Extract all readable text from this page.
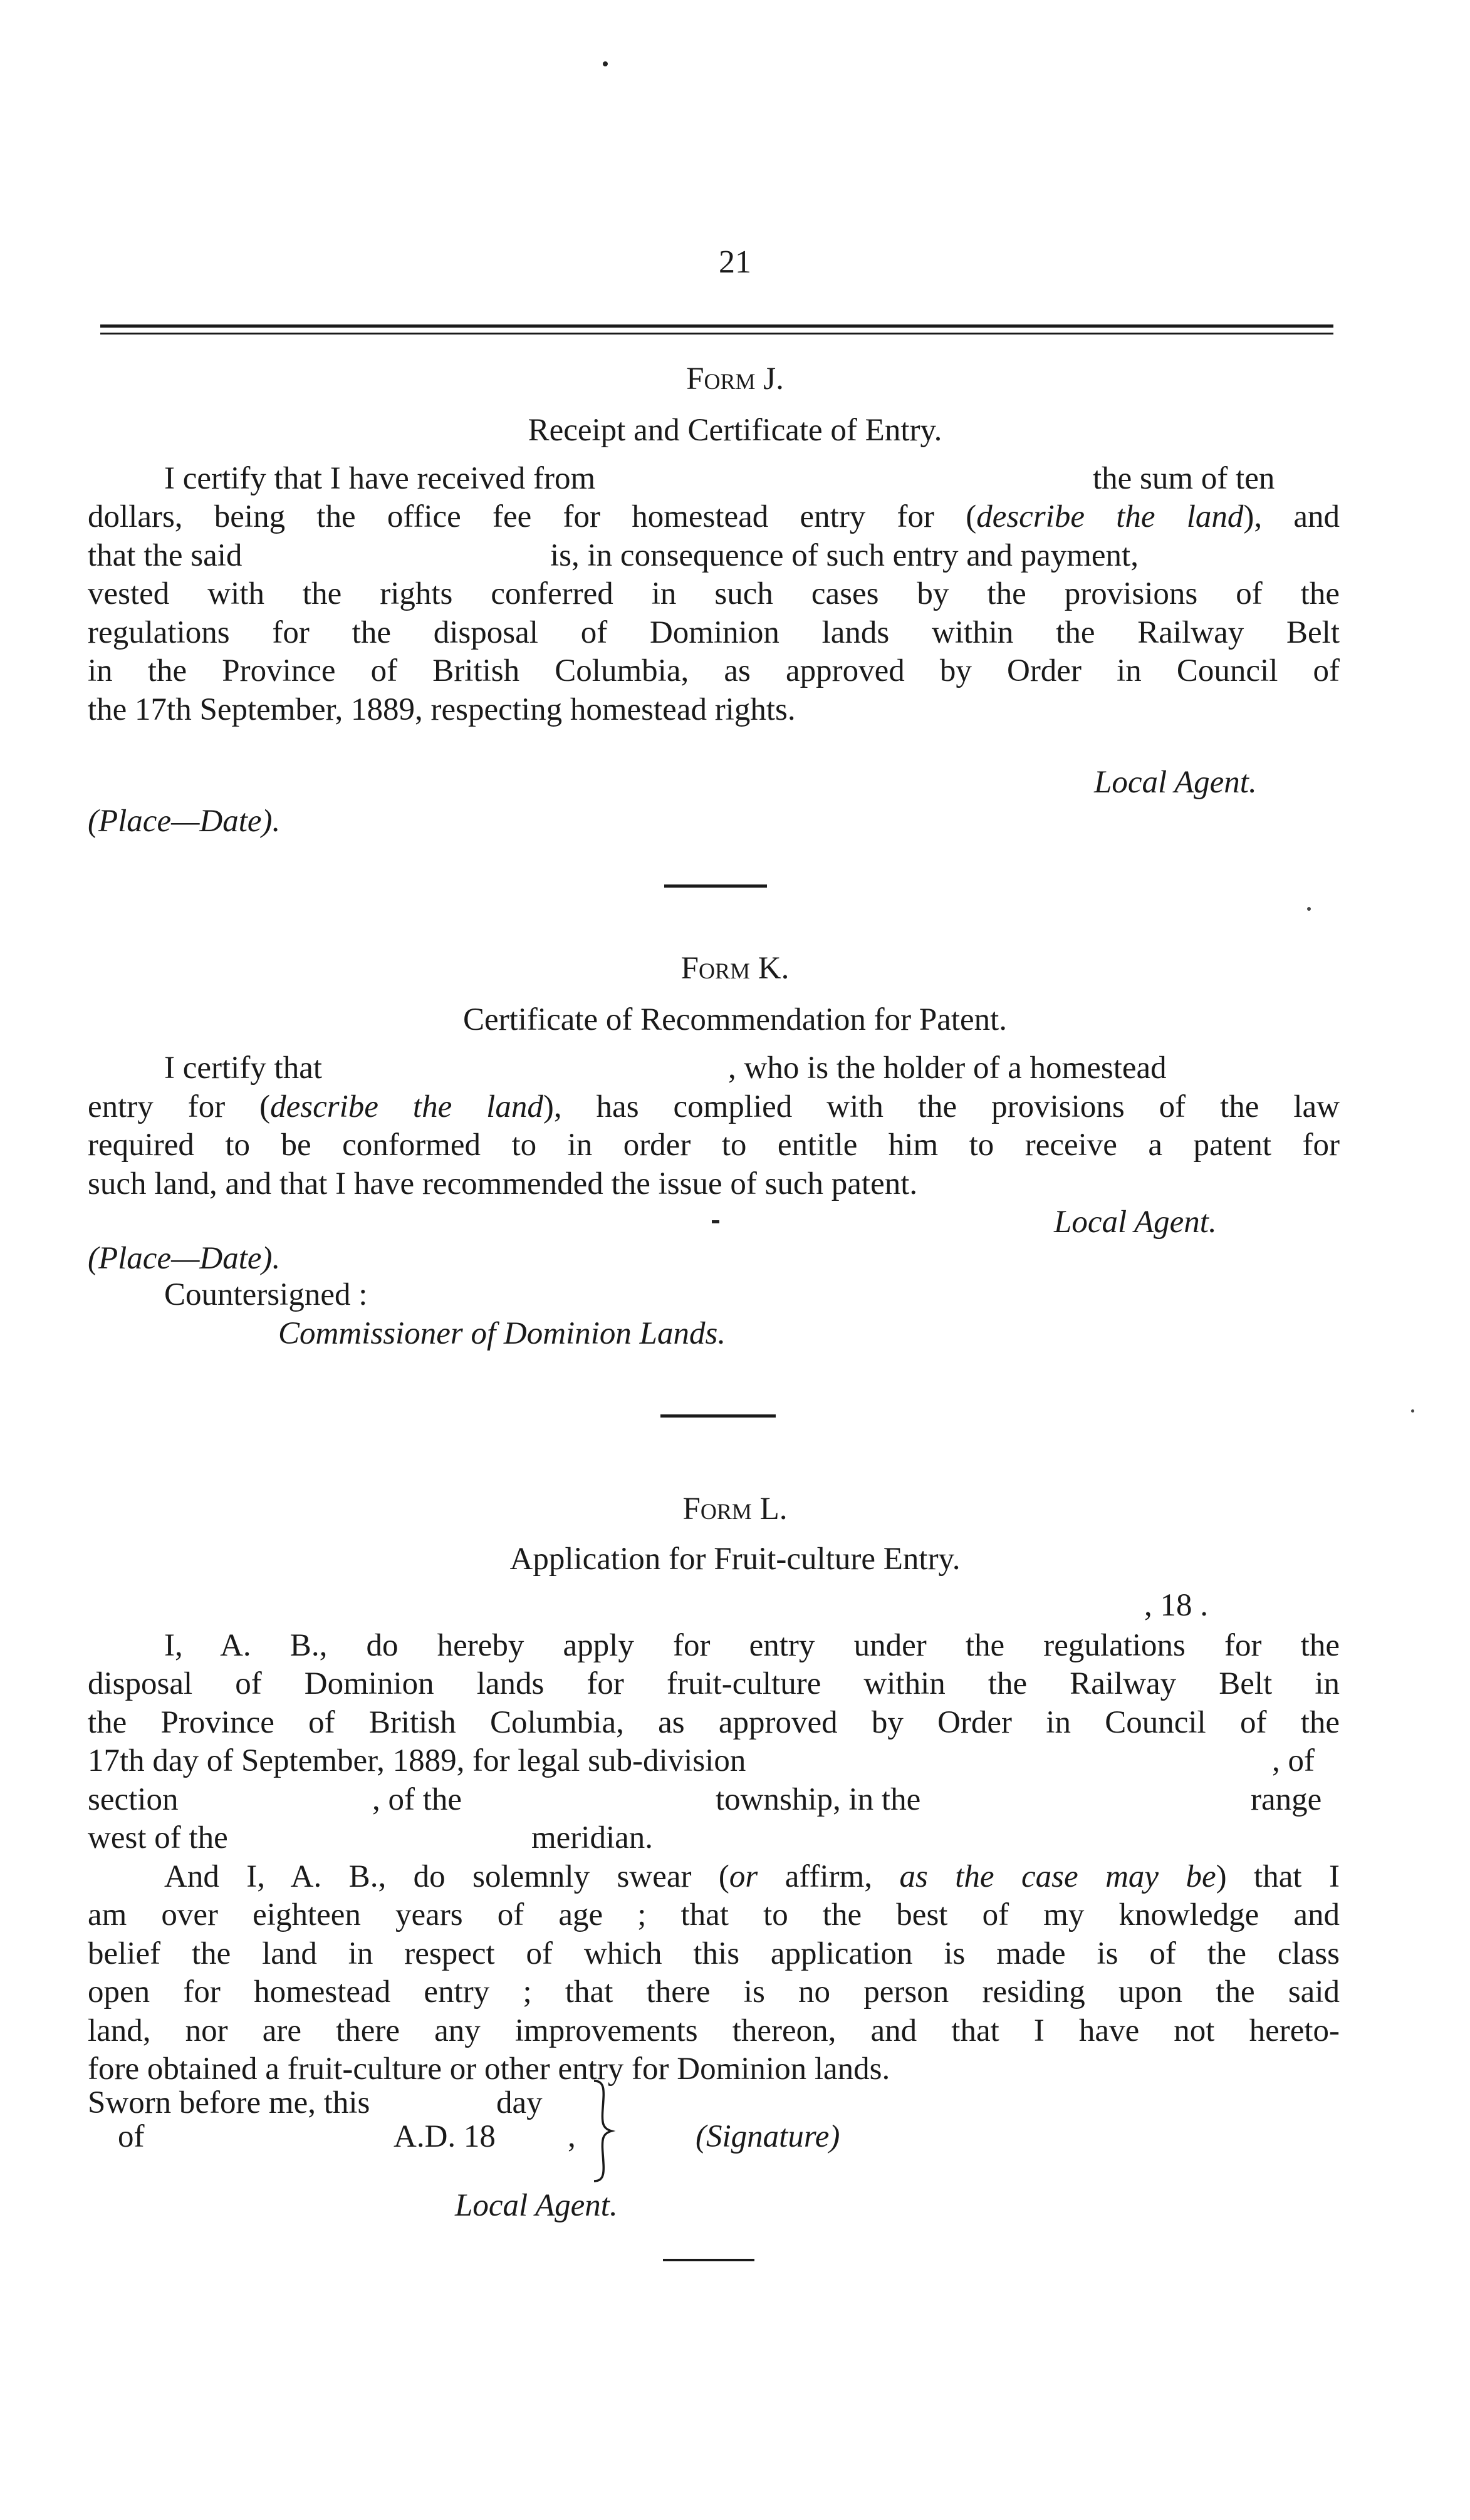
21
Form J.
Receipt and Certificate of Entry.
I certify that I have received from	the sum of ten
dollars, being the office fee for homestead entry for (describe the land), and
that the said	is, in consequence of such entry and payment,
vested with the rights conferred in such cases by the provisions of the
regulations for the disposal of Dominion lands within the Railway Belt
in the Province of British Columbia, as approved by Order in Council of
the 17th September, 1889, respecting homestead rights.
Local Agent.
(Place—Date).
Form K.
Certificate of Recommendation for Patent.
I certify that	, who is the holder of a homestead
entry for (describe the land), has complied with the provisions of the law
required to be conformed to in order to entitle him to receive a patent for
such land, and that I have recommended the issue of such patent.
Local Agent.
(Place—Date).
Countersigned :
Commissioner of Dominion Lands.
Form L.
Application for Fruit-culture Entry.
, 18 .
I, A. B., do hereby apply for entry under the regulations for the
disposal of Dominion lands for fruit-culture within the Railway Belt in
the Province of British Columbia, as approved by Order in Council of the
17th day of September, 1889, for legal sub-division	, of
section	, of the	township, in the	range
west of the	meridian.
And I, A. B., do solemnly swear (or affirm, as the case may be) that I
am over eighteen years of age ; that to the best of my knowledge and
belief the land in respect of which this application is made is of the class
open for homestead entry ; that there is no person residing upon the said
land, nor are there any improvements thereon, and that I have not hereto-
fore obtained a fruit-culture or other entry for Dominion lands.
Sworn before me, this	day
of	A.D. 18 ,	(Signature)
Local Agent.
